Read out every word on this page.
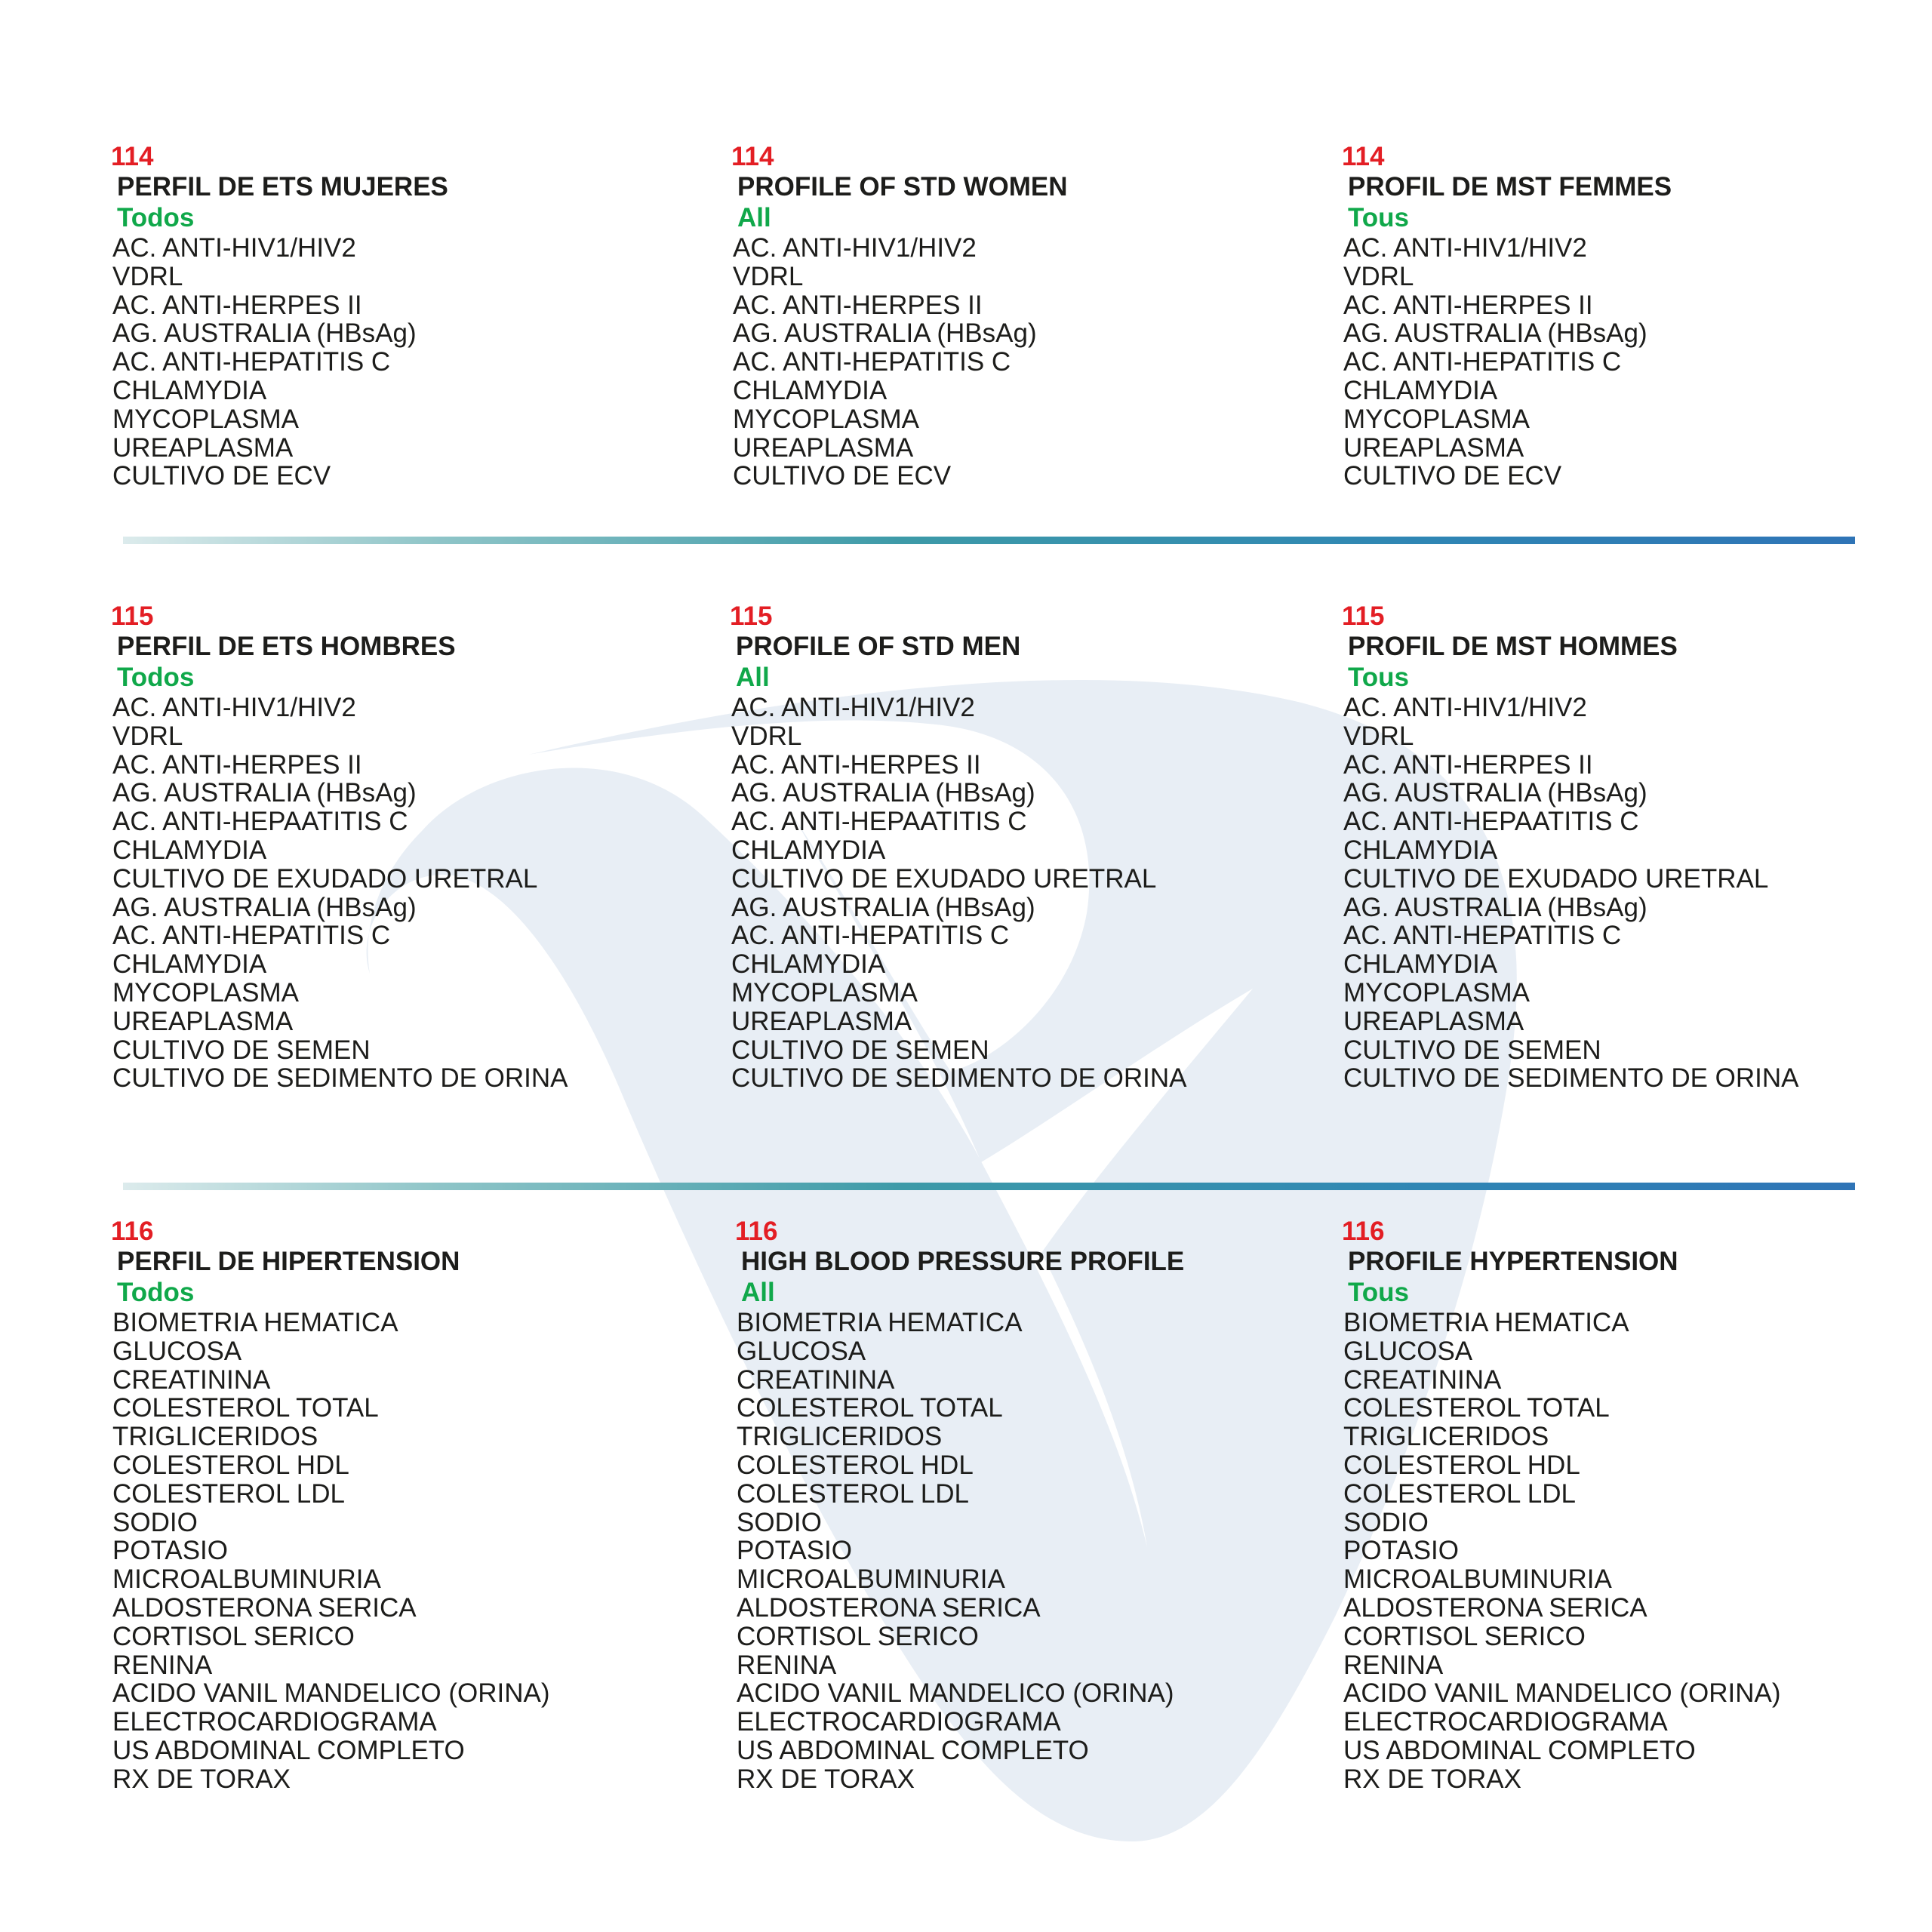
114
PERFIL DE ETS MUJERES
Todos
AC. ANTI-HIV1/HIV2
VDRL
AC. ANTI-HERPES II
AG. AUSTRALIA (HBsAg)
AC. ANTI-HEPATITIS C
CHLAMYDIA
MYCOPLASMA
UREAPLASMA
CULTIVO DE ECV
114
PROFILE OF STD WOMEN
All
AC. ANTI-HIV1/HIV2
VDRL
AC. ANTI-HERPES II
AG. AUSTRALIA (HBsAg)
AC. ANTI-HEPATITIS C
CHLAMYDIA
MYCOPLASMA
UREAPLASMA
CULTIVO DE ECV
114
PROFIL DE MST FEMMES
Tous
AC. ANTI-HIV1/HIV2
VDRL
AC. ANTI-HERPES II
AG. AUSTRALIA (HBsAg)
AC. ANTI-HEPATITIS C
CHLAMYDIA
MYCOPLASMA
UREAPLASMA
CULTIVO DE ECV
115
PERFIL DE ETS HOMBRES
Todos
AC. ANTI-HIV1/HIV2
VDRL
AC. ANTI-HERPES II
AG. AUSTRALIA (HBsAg)
AC. ANTI-HEPAATITIS C
CHLAMYDIA
CULTIVO DE EXUDADO URETRAL
AG. AUSTRALIA (HBsAg)
AC. ANTI-HEPATITIS C
CHLAMYDIA
MYCOPLASMA
UREAPLASMA
CULTIVO DE SEMEN
CULTIVO DE SEDIMENTO DE ORINA
115
PROFILE OF STD MEN
All
AC. ANTI-HIV1/HIV2
VDRL
AC. ANTI-HERPES II
AG. AUSTRALIA (HBsAg)
AC. ANTI-HEPAATITIS C
CHLAMYDIA
CULTIVO DE EXUDADO URETRAL
AG. AUSTRALIA (HBsAg)
AC. ANTI-HEPATITIS C
CHLAMYDIA
MYCOPLASMA
UREAPLASMA
CULTIVO DE SEMEN
CULTIVO DE SEDIMENTO DE ORINA
115
PROFIL DE MST HOMMES
Tous
AC. ANTI-HIV1/HIV2
VDRL
AC. ANTI-HERPES II
AG. AUSTRALIA (HBsAg)
AC. ANTI-HEPAATITIS C
CHLAMYDIA
CULTIVO DE EXUDADO URETRAL
AG. AUSTRALIA (HBsAg)
AC. ANTI-HEPATITIS C
CHLAMYDIA
MYCOPLASMA
UREAPLASMA
CULTIVO DE SEMEN
CULTIVO DE SEDIMENTO DE ORINA
116
PERFIL DE HIPERTENSION
Todos
BIOMETRIA HEMATICA
GLUCOSA
CREATININA
COLESTEROL TOTAL
TRIGLICERIDOS
COLESTEROL HDL
COLESTEROL LDL
SODIO
POTASIO
MICROALBUMINURIA
ALDOSTERONA SERICA
CORTISOL SERICO
RENINA
ACIDO VANIL MANDELICO (ORINA)
ELECTROCARDIOGRAMA
US ABDOMINAL COMPLETO
RX DE TORAX
116
HIGH BLOOD PRESSURE PROFILE
All
BIOMETRIA HEMATICA
GLUCOSA
CREATININA
COLESTEROL TOTAL
TRIGLICERIDOS
COLESTEROL HDL
COLESTEROL LDL
SODIO
POTASIO
MICROALBUMINURIA
ALDOSTERONA SERICA
CORTISOL SERICO
RENINA
ACIDO VANIL MANDELICO (ORINA)
ELECTROCARDIOGRAMA
US ABDOMINAL COMPLETO
RX DE TORAX
116
PROFILE HYPERTENSION
Tous
BIOMETRIA HEMATICA
GLUCOSA
CREATININA
COLESTEROL TOTAL
TRIGLICERIDOS
COLESTEROL HDL
COLESTEROL LDL
SODIO
POTASIO
MICROALBUMINURIA
ALDOSTERONA SERICA
CORTISOL SERICO
RENINA
ACIDO VANIL MANDELICO (ORINA)
ELECTROCARDIOGRAMA
US ABDOMINAL COMPLETO
RX DE TORAX
